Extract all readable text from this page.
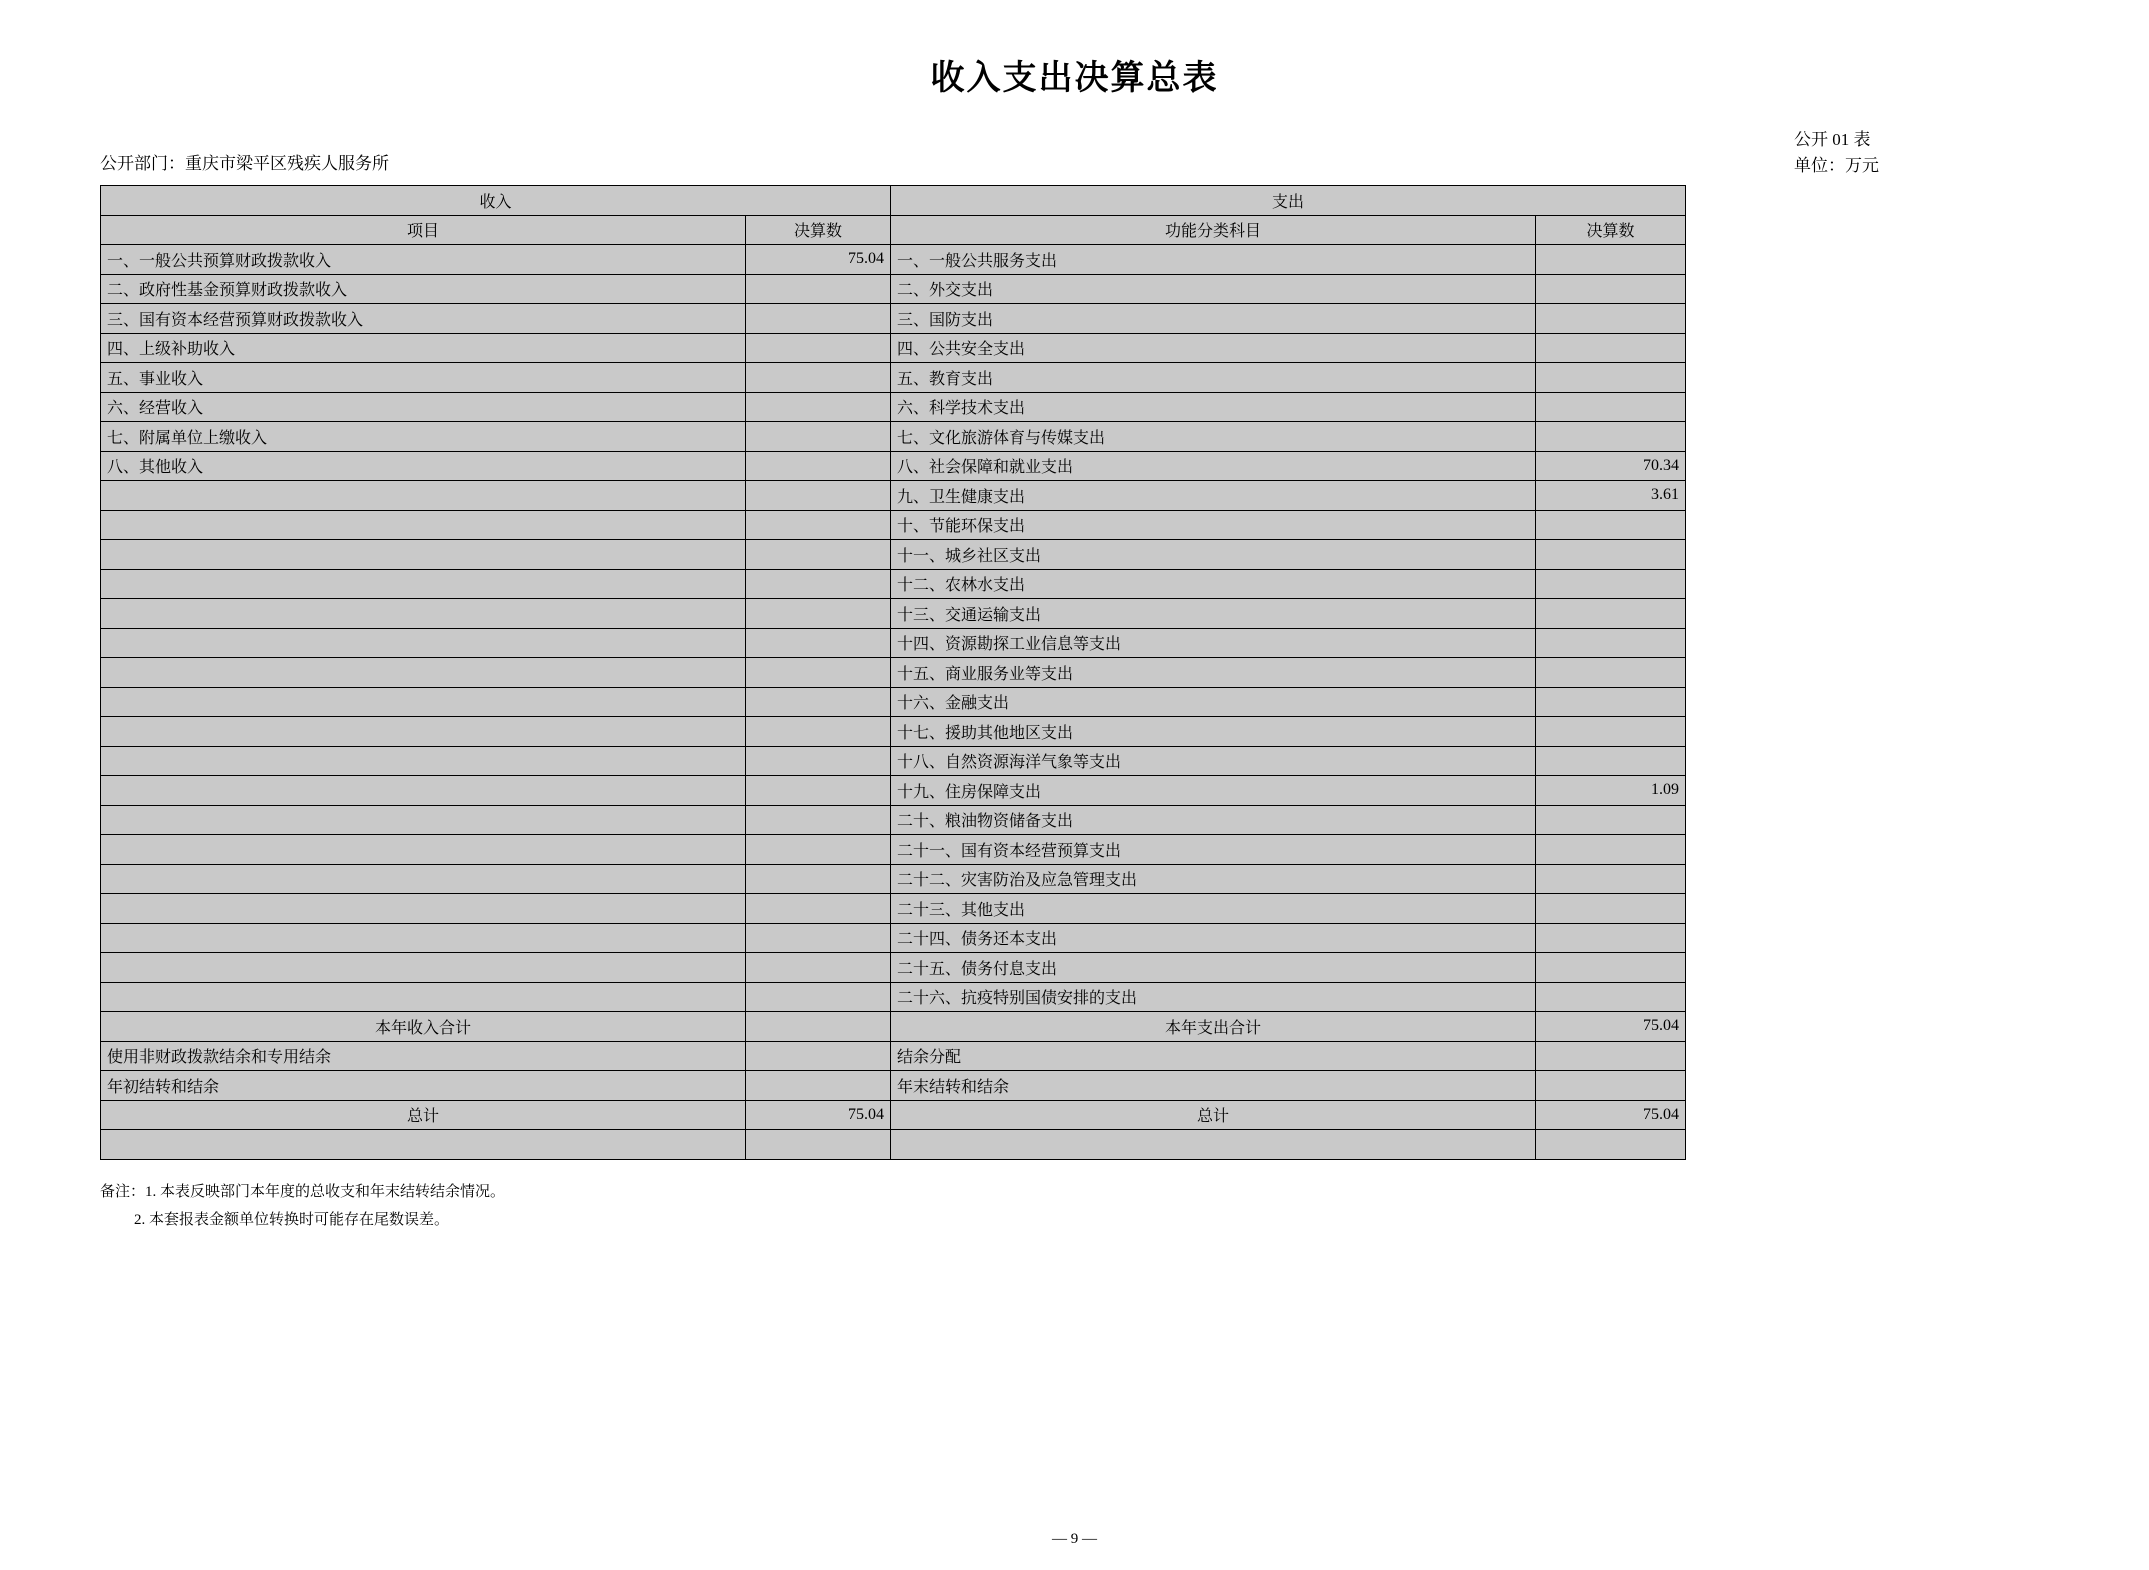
收入支出决算总表
公开部门：重庆市梁平区残疾人服务所
公开 01 表
单位：万元
收入		支出	
项目	决算数	功能分类科目	决算数
一、一般公共预算财政拨款收入	75.04	一、一般公共服务支出	
二、政府性基金预算财政拨款收入		二、外交支出	
三、国有资本经营预算财政拨款收入		三、国防支出	
四、上级补助收入		四、公共安全支出	
五、事业收入		五、教育支出	
六、经营收入		六、科学技术支出	
七、附属单位上缴收入		七、文化旅游体育与传媒支出	
八、其他收入		八、社会保障和就业支出	70.34
		九、卫生健康支出	3.61
		十、节能环保支出	
		十一、城乡社区支出	
		十二、农林水支出	
		十三、交通运输支出	
		十四、资源勘探工业信息等支出	
		十五、商业服务业等支出	
		十六、金融支出	
		十七、援助其他地区支出	
		十八、自然资源海洋气象等支出	
		十九、住房保障支出	1.09
		二十、粮油物资储备支出	
		二十一、国有资本经营预算支出	
		二十二、灾害防治及应急管理支出	
		二十三、其他支出	
		二十四、债务还本支出	
		二十五、债务付息支出	
		二十六、抗疫特别国债安排的支出	
本年收入合计		本年支出合计	75.04
使用非财政拨款结余和专用结余		结余分配	
年初结转和结余		年末结转和结余	
总计	75.04	总计	75.04

备注：1. 本表反映部门本年度的总收支和年末结转结余情况。
2. 本套报表金额单位转换时可能存在尾数误差。
— 9 —
